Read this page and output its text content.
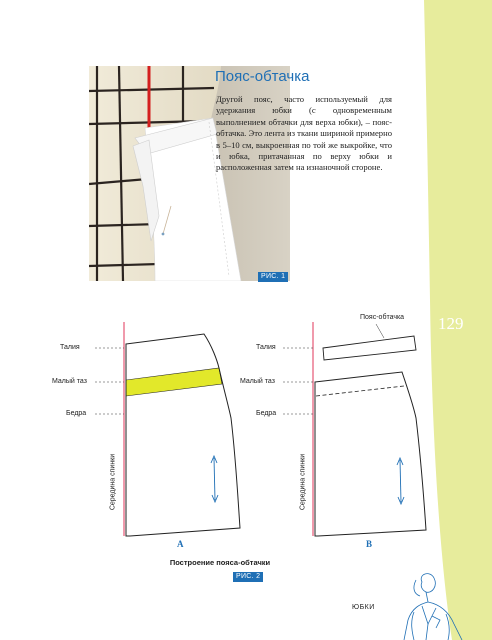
129
РИС. 1
Пояс-обтачка
Другой пояс, часто используемый для удержания юбки (с одновременным выполнением обтачки для верха юбки), – пояс-обтачка. Это лента из ткани шириной примерно в 5–10 см, выкроенная по той же выкройке, что и юбка, притачанная по верху юбки и расположенная затем на изнаночной стороне.
Талия
Малый таз
Бедра
Середина спинки
A
Пояс-обтачка
Талия
Малый таз
Бедра
Середина спинки
B
Построение пояса-обтачки
РИС. 2
ЮБКИ
